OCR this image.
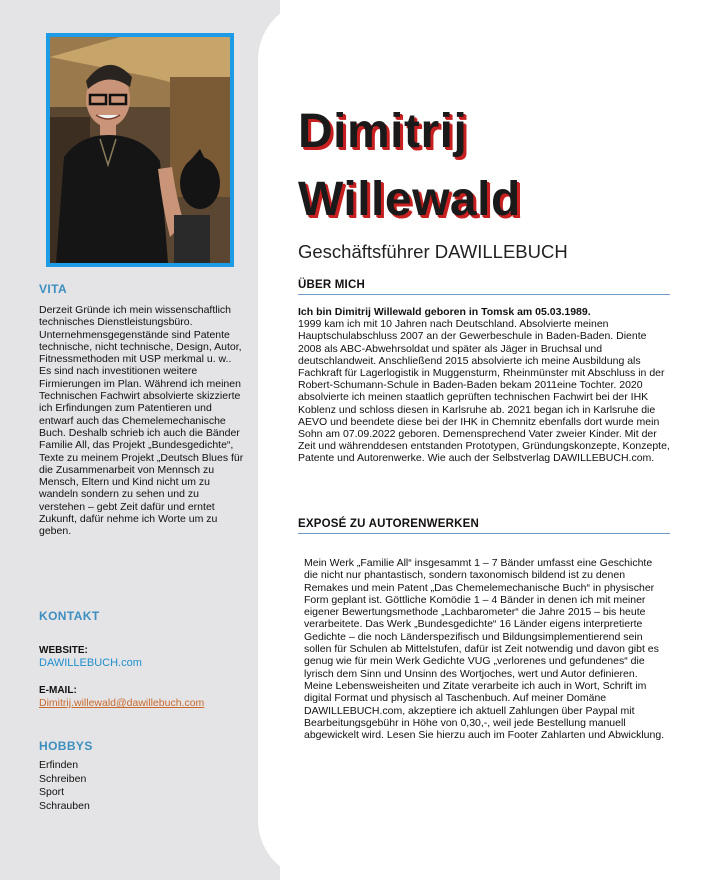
VITA

Derzeit Gründe ich mein wissenschaftlich technisches Dienstleistungsbüro. Unternehmensgegenstände sind Patente technische, nicht technische, Design, Autor, Fitnessmethoden mit USP merkmal u. w.. Es sind nach investitionen weitere Firmierungen im Plan. Während ich meinen Technischen Fachwirt absolvierte skizzierte ich Erfindungen zum Patentieren und entwarf auch das Chemelemechanische Buch. Deshalb schrieb ich auch die Bänder Familie All, das Projekt „Bundesgedichte“, Texte zu meinem Projekt „Deutsch Blues für die Zusammenarbeit von Mennsch zu Mensch, Eltern und Kind nicht um zu wandeln sondern zu sehen und zu verstehen – gebt Zeit dafür und erntet Zukunft, dafür nehme ich Worte um zu geben.

KONTAKT
WEBSITE:
DAWILLEBUCH.com
E-MAIL:
Dimitrij.willewald@dawillebuch.com
HOBBYS
Erfinden
Schreiben
Sport
Schrauben
Dimitrij
Willewald
Geschäftsführer DAWILLEBUCH
ÜBER MICH
Ich bin Dimitrij Willewald geboren in Tomsk am 05.03.1989.
1999 kam ich mit 10 Jahren nach Deutschland. Absolvierte meinen Hauptschulabschluss 2007 an der Gewerbeschule in Baden-Baden. Diente 2008 als ABC-Abwehrsoldat und später als Jäger in Bruchsal und deutschlandweit. Anschließend 2015 absolvierte ich meine Ausbildung als Fachkraft für Lagerlogistik in Muggensturm, Rheinmünster mit Abschluss in der Robert-Schumann-Schule in Baden-Baden bekam 2011eine Tochter. 2020 absolvierte ich meinen staatlich geprüften technischen Fachwirt bei der IHK Koblenz und schloss diesen in Karlsruhe ab. 2021 began ich in Karlsruhe die AEVO und beendete diese bei der IHK in Chemnitz ebenfalls dort wurde mein Sohn am 07.09.2022 geboren. Demensprechend Vater zweier Kinder. Mit der Zeit und währenddesen entstanden Prototypen, Gründungskonzepte, Konzepte, Patente und Autorenwerke. Wie auch der Selbstverlag DAWILLEBUCH.com.
EXPOSÉ ZU AUTORENWERKEN

Mein Werk „Familie All“ insgesammt 1 – 7 Bänder umfasst eine Geschichte die nicht nur phantastisch, sondern taxonomisch bildend ist zu denen Remakes und mein Patent „Das Chemelemechanische Buch“ in physischer Form geplant ist. Göttliche Komödie 1 – 4 Bänder in denen ich mit meiner eigener Bewertungsmethode „Lachbarometer“ die Jahre 2015 – bis heute verarbeitete. Das Werk „Bundesgedichte“ 16 Länder eigens interpretierte Gedichte – die noch Länderspezifisch und Bildungsimplementierend sein sollen für Schulen ab Mittelstufen, dafür ist Zeit notwendig und davon gibt es genug wie für mein Werk Gedichte VUG „verlorenes und gefundenes“ die lyrisch dem Sinn und Unsinn des Wortjoches, wert und Autor definieren. Meine Lebensweisheiten und Zitate verarbeite ich auch in Wort, Schrift im digital Format und physisch al Taschenbuch. Auf meiner Domäne DAWILLEBUCH.com, akzeptiere ich aktuell Zahlungen über Paypal mit Bearbeitungsgebühr in Höhe von 0,30,-, weil jede Bestellung manuell abgewickelt wird. Lesen Sie hierzu auch im Footer Zahlarten und Abwicklung.
